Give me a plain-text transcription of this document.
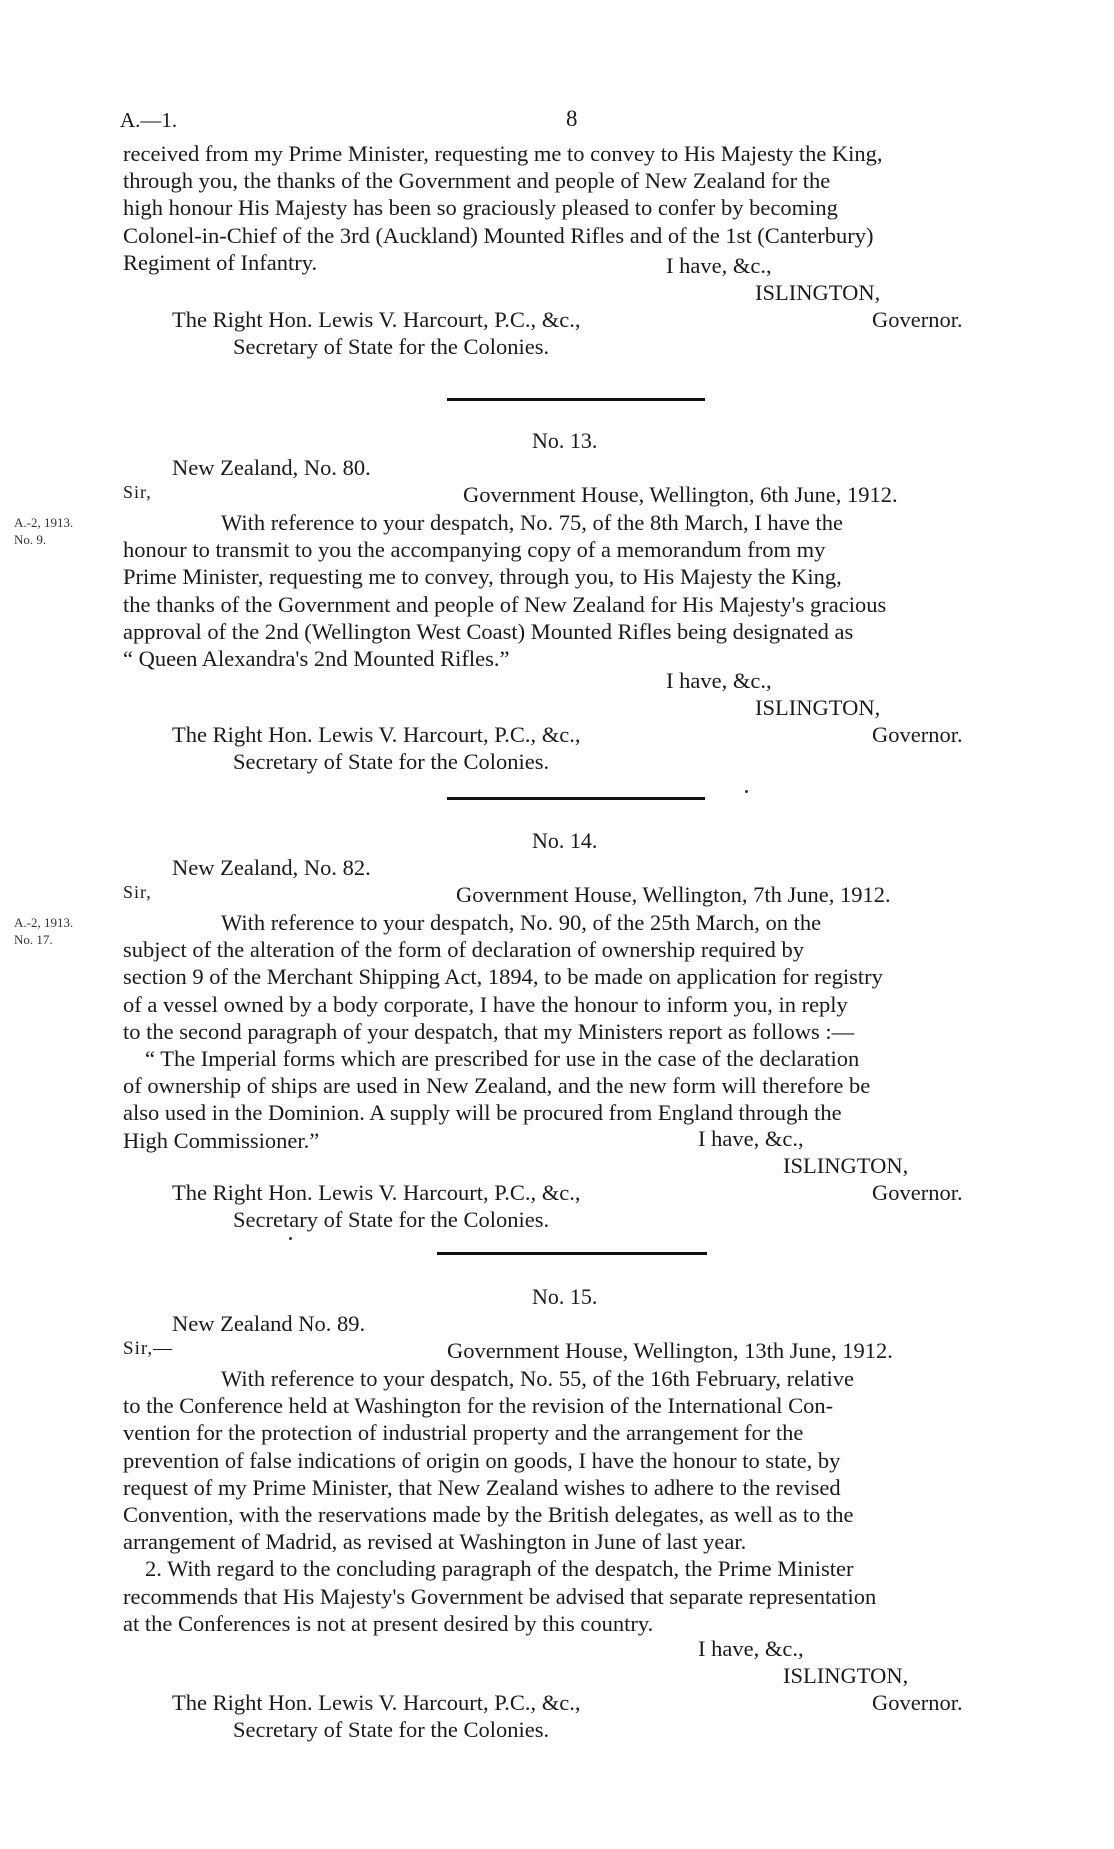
A.—1.	8
received from my Prime Minister, requesting me to convey to His Majesty the King,
through you, the thanks of the Government and people of New Zealand for the
high honour His Majesty has been so graciously pleased to confer by becoming
Colonel-in-Chief of the 3rd (Auckland) Mounted Rifles and of the 1st (Canterbury)
Regiment of Infantry.	I have, &c.,
ISLINGTON,
The Right Hon. Lewis V. Harcourt, P.C., &c.,	Governor.
Secretary of State for the Colonies.
No. 13.
New Zealand, No. 80.
Sir,	Government House, Wellington, 6th June, 1912.
A.-2, 1913.
No. 9.
With reference to your despatch, No. 75, of the 8th March, I have the
honour to transmit to you the accompanying copy of a memorandum from my
Prime Minister, requesting me to convey, through you, to His Majesty the King,
the thanks of the Government and people of New Zealand for His Majesty's gracious
approval of the 2nd (Wellington West Coast) Mounted Rifles being designated as
“ Queen Alexandra's 2nd Mounted Rifles.”
I have, &c.,
ISLINGTON,
The Right Hon. Lewis V. Harcourt, P.C., &c.,	Governor.
Secretary of State for the Colonies.
No. 14.
New Zealand, No. 82.
Sir,	Government House, Wellington, 7th June, 1912.
A.-2, 1913.
No. 17.
With reference to your despatch, No. 90, of the 25th March, on the
subject of the alteration of the form of declaration of ownership required by
section 9 of the Merchant Shipping Act, 1894, to be made on application for registry
of a vessel owned by a body corporate, I have the honour to inform you, in reply
to the second paragraph of your despatch, that my Ministers report as follows :—
“ The Imperial forms which are prescribed for use in the case of the declaration
of ownership of ships are used in New Zealand, and the new form will therefore be
also used in the Dominion. A supply will be procured from England through the
High Commissioner.”	I have, &c.,
ISLINGTON,
The Right Hon. Lewis V. Harcourt, P.C., &c.,	Governor.
Secretary of State for the Colonies.
No. 15.
New Zealand No. 89.
Sir,—	Government House, Wellington, 13th June, 1912.
With reference to your despatch, No. 55, of the 16th February, relative
to the Conference held at Washington for the revision of the International Con-
vention for the protection of industrial property and the arrangement for the
prevention of false indications of origin on goods, I have the honour to state, by
request of my Prime Minister, that New Zealand wishes to adhere to the revised
Convention, with the reservations made by the British delegates, as well as to the
arrangement of Madrid, as revised at Washington in June of last year.
2. With regard to the concluding paragraph of the despatch, the Prime Minister
recommends that His Majesty's Government be advised that separate representation
at the Conferences is not at present desired by this country.
I have, &c.,
ISLINGTON,
The Right Hon. Lewis V. Harcourt, P.C., &c.,	Governor.
Secretary of State for the Colonies.
